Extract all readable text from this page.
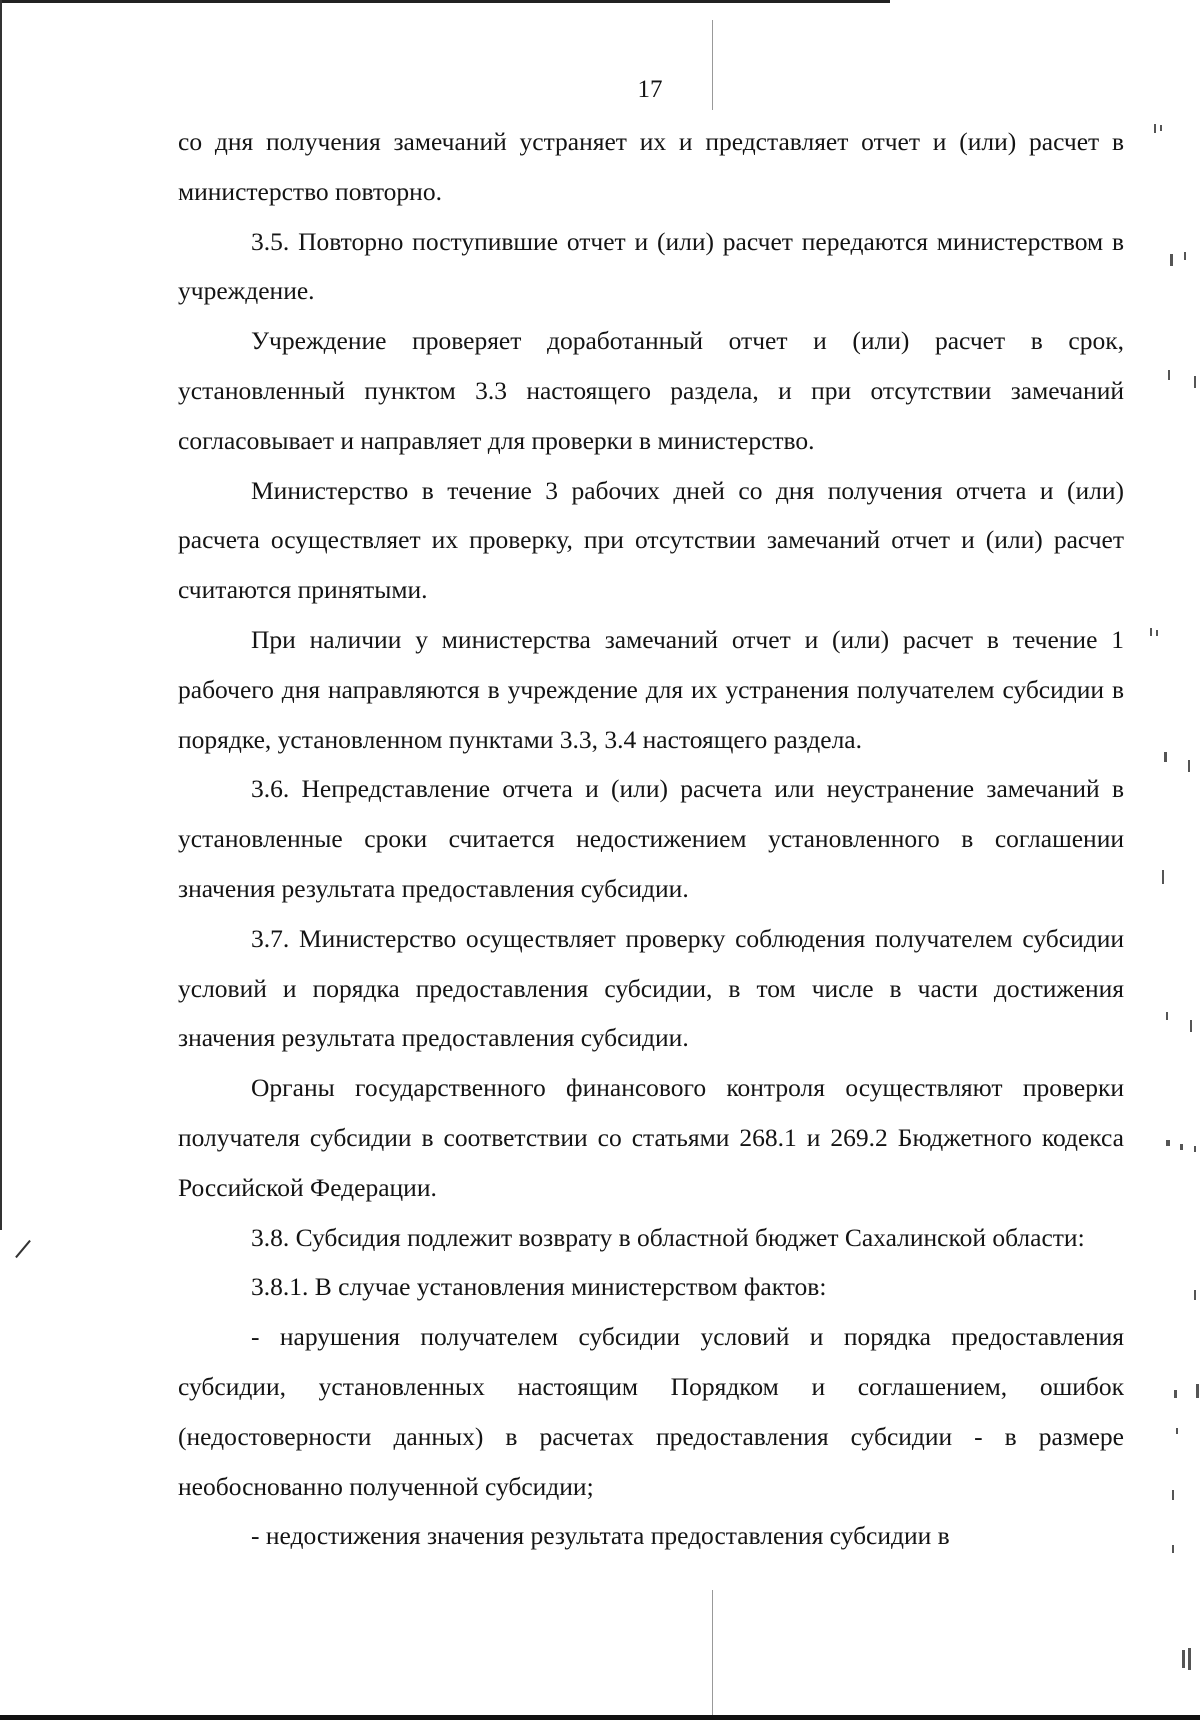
17

со дня получения замечаний устраняет их и представляет отчет и (или) расчет в министерство повторно.

3.5. Повторно поступившие отчет и (или) расчет передаются министерством в учреждение.

Учреждение проверяет доработанный отчет и (или) расчет в срок, установленный пунктом 3.3 настоящего раздела, и при отсутствии замечаний согласовывает и направляет для проверки в министерство.

Министерство в течение 3 рабочих дней со дня получения отчета и (или) расчета осуществляет их проверку, при отсутствии замечаний отчет и (или) расчет считаются принятыми.

При наличии у министерства замечаний отчет и (или) расчет в течение 1 рабочего дня направляются в учреждение для их устранения получателем субсидии в порядке, установленном пунктами 3.3, 3.4 настоящего раздела.

3.6. Непредставление отчета и (или) расчета или неустранение замечаний в установленные сроки считается недостижением установленного в соглашении значения результата предоставления субсидии.

3.7. Министерство осуществляет проверку соблюдения получателем субсидии условий и порядка предоставления субсидии, в том числе в части достижения значения результата предоставления субсидии.

Органы государственного финансового контроля осуществляют проверки получателя субсидии в соответствии со статьями 268.1 и 269.2 Бюджетного кодекса Российской Федерации.

3.8. Субсидия подлежит возврату в областной бюджет Сахалинской области:

3.8.1. В случае установления министерством фактов:

- нарушения получателем субсидии условий и порядка предоставления субсидии, установленных настоящим Порядком и соглашением, ошибок (недостоверности данных) в расчетах предоставления субсидии - в размере необоснованно полученной субсидии;

- недостижения значения результата предоставления субсидии в
